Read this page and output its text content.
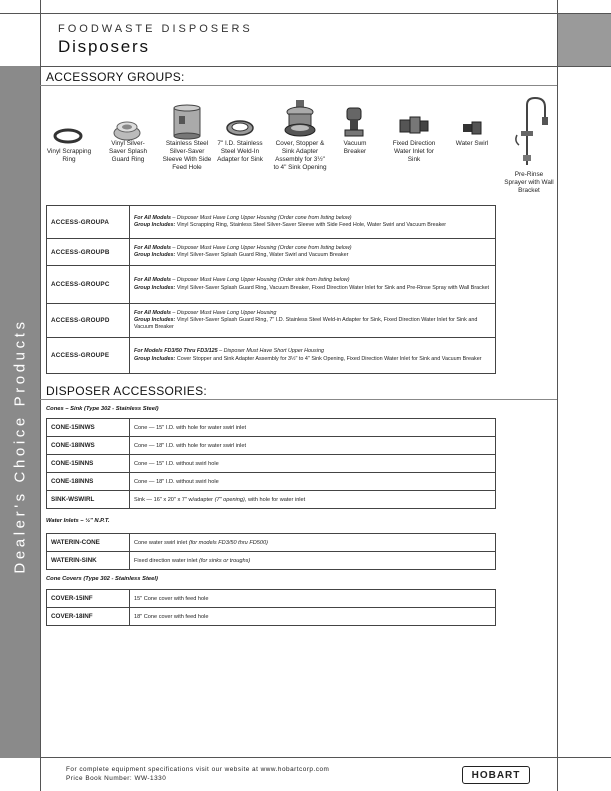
Dealer's Choice Products
FOODWASTE DISPOSERS
Disposers
ACCESSORY GROUPS:
Vinyl Scrapping Ring
Vinyl Silver-Saver Splash Guard Ring
Stainless Steel Silver-Saver Sleeve With Side Feed Hole
7" I.D. Stainless Steel Weld-In Adapter for Sink
Cover, Stopper & Sink Adapter Assembly for 3½" to 4" Sink Opening
Vacuum Breaker
Fixed Direction Water Inlet for Sink
Water Swirl
Pre-Rinse Sprayer with Wall Bracket
ACCESS-GROUPA	For All Models – Disposer Must Have Long Upper Housing (Order cone from listing below)
Group Includes: Vinyl Scrapping Ring, Stainless Steel Silver-Saver Sleeve with Side Feed Hole, Water Swirl and Vacuum Breaker
ACCESS-GROUPB	For All Models – Disposer Must Have Long Upper Housing (Order cone from listing below)
Group Includes: Vinyl Silver-Saver Splash Guard Ring, Water Swirl and Vacuum Breaker
ACCESS-GROUPC	For All Models – Disposer Must Have Long Upper Housing (Order sink from listing below)
Group Includes: Vinyl Silver-Saver Splash Guard Ring, Vacuum Breaker, Fixed Direction Water Inlet for Sink and Pre-Rinse Spray with Wall Bracket
ACCESS-GROUPD	For All Models – Disposer Must Have Long Upper Housing
Group Includes: Vinyl Silver-Saver Splash Guard Ring, 7" I.D. Stainless Steel Weld-in Adapter for Sink, Fixed Direction Water Inlet for Sink and Vacuum Breaker
ACCESS-GROUPE	For Models FD3/50 Thru FD3/125 – Disposer Must Have Short Upper Housing
Group Includes: Cover Stopper and Sink Adapter Assembly for 3½" to 4" Sink Opening, Fixed Direction Water Inlet for Sink and Vacuum Breaker
DISPOSER ACCESSORIES:
Cones – Sink (Type 302 - Stainless Steel)
CONE-15INWS	Cone — 15" I.D. with hole for water swirl inlet
CONE-18INWS	Cone — 18" I.D. with hole for water swirl inlet
CONE-15INNS	Cone — 15" I.D. without swirl hole
CONE-18INNS	Cone — 18" I.D. without swirl hole
SINK-WSWIRL	Sink — 16" x 20" x 7" w/adapter (7" opening), with hole for water inlet
Water Inlets – ½" N.P.T.
WATERIN-CONE	Cone water swirl inlet (for models FD3/50 thru FD500)
WATERIN-SINK	Fixed direction water inlet (for sinks or troughs)
Cone Covers (Type 302 - Stainless Steel)
COVER-15INF	15" Cone cover with feed hole
COVER-18INF	18" Cone cover with feed hole
For complete equipment specifications visit our website at www.hobartcorp.com
Price Book Number: WW-1330	HOBART
